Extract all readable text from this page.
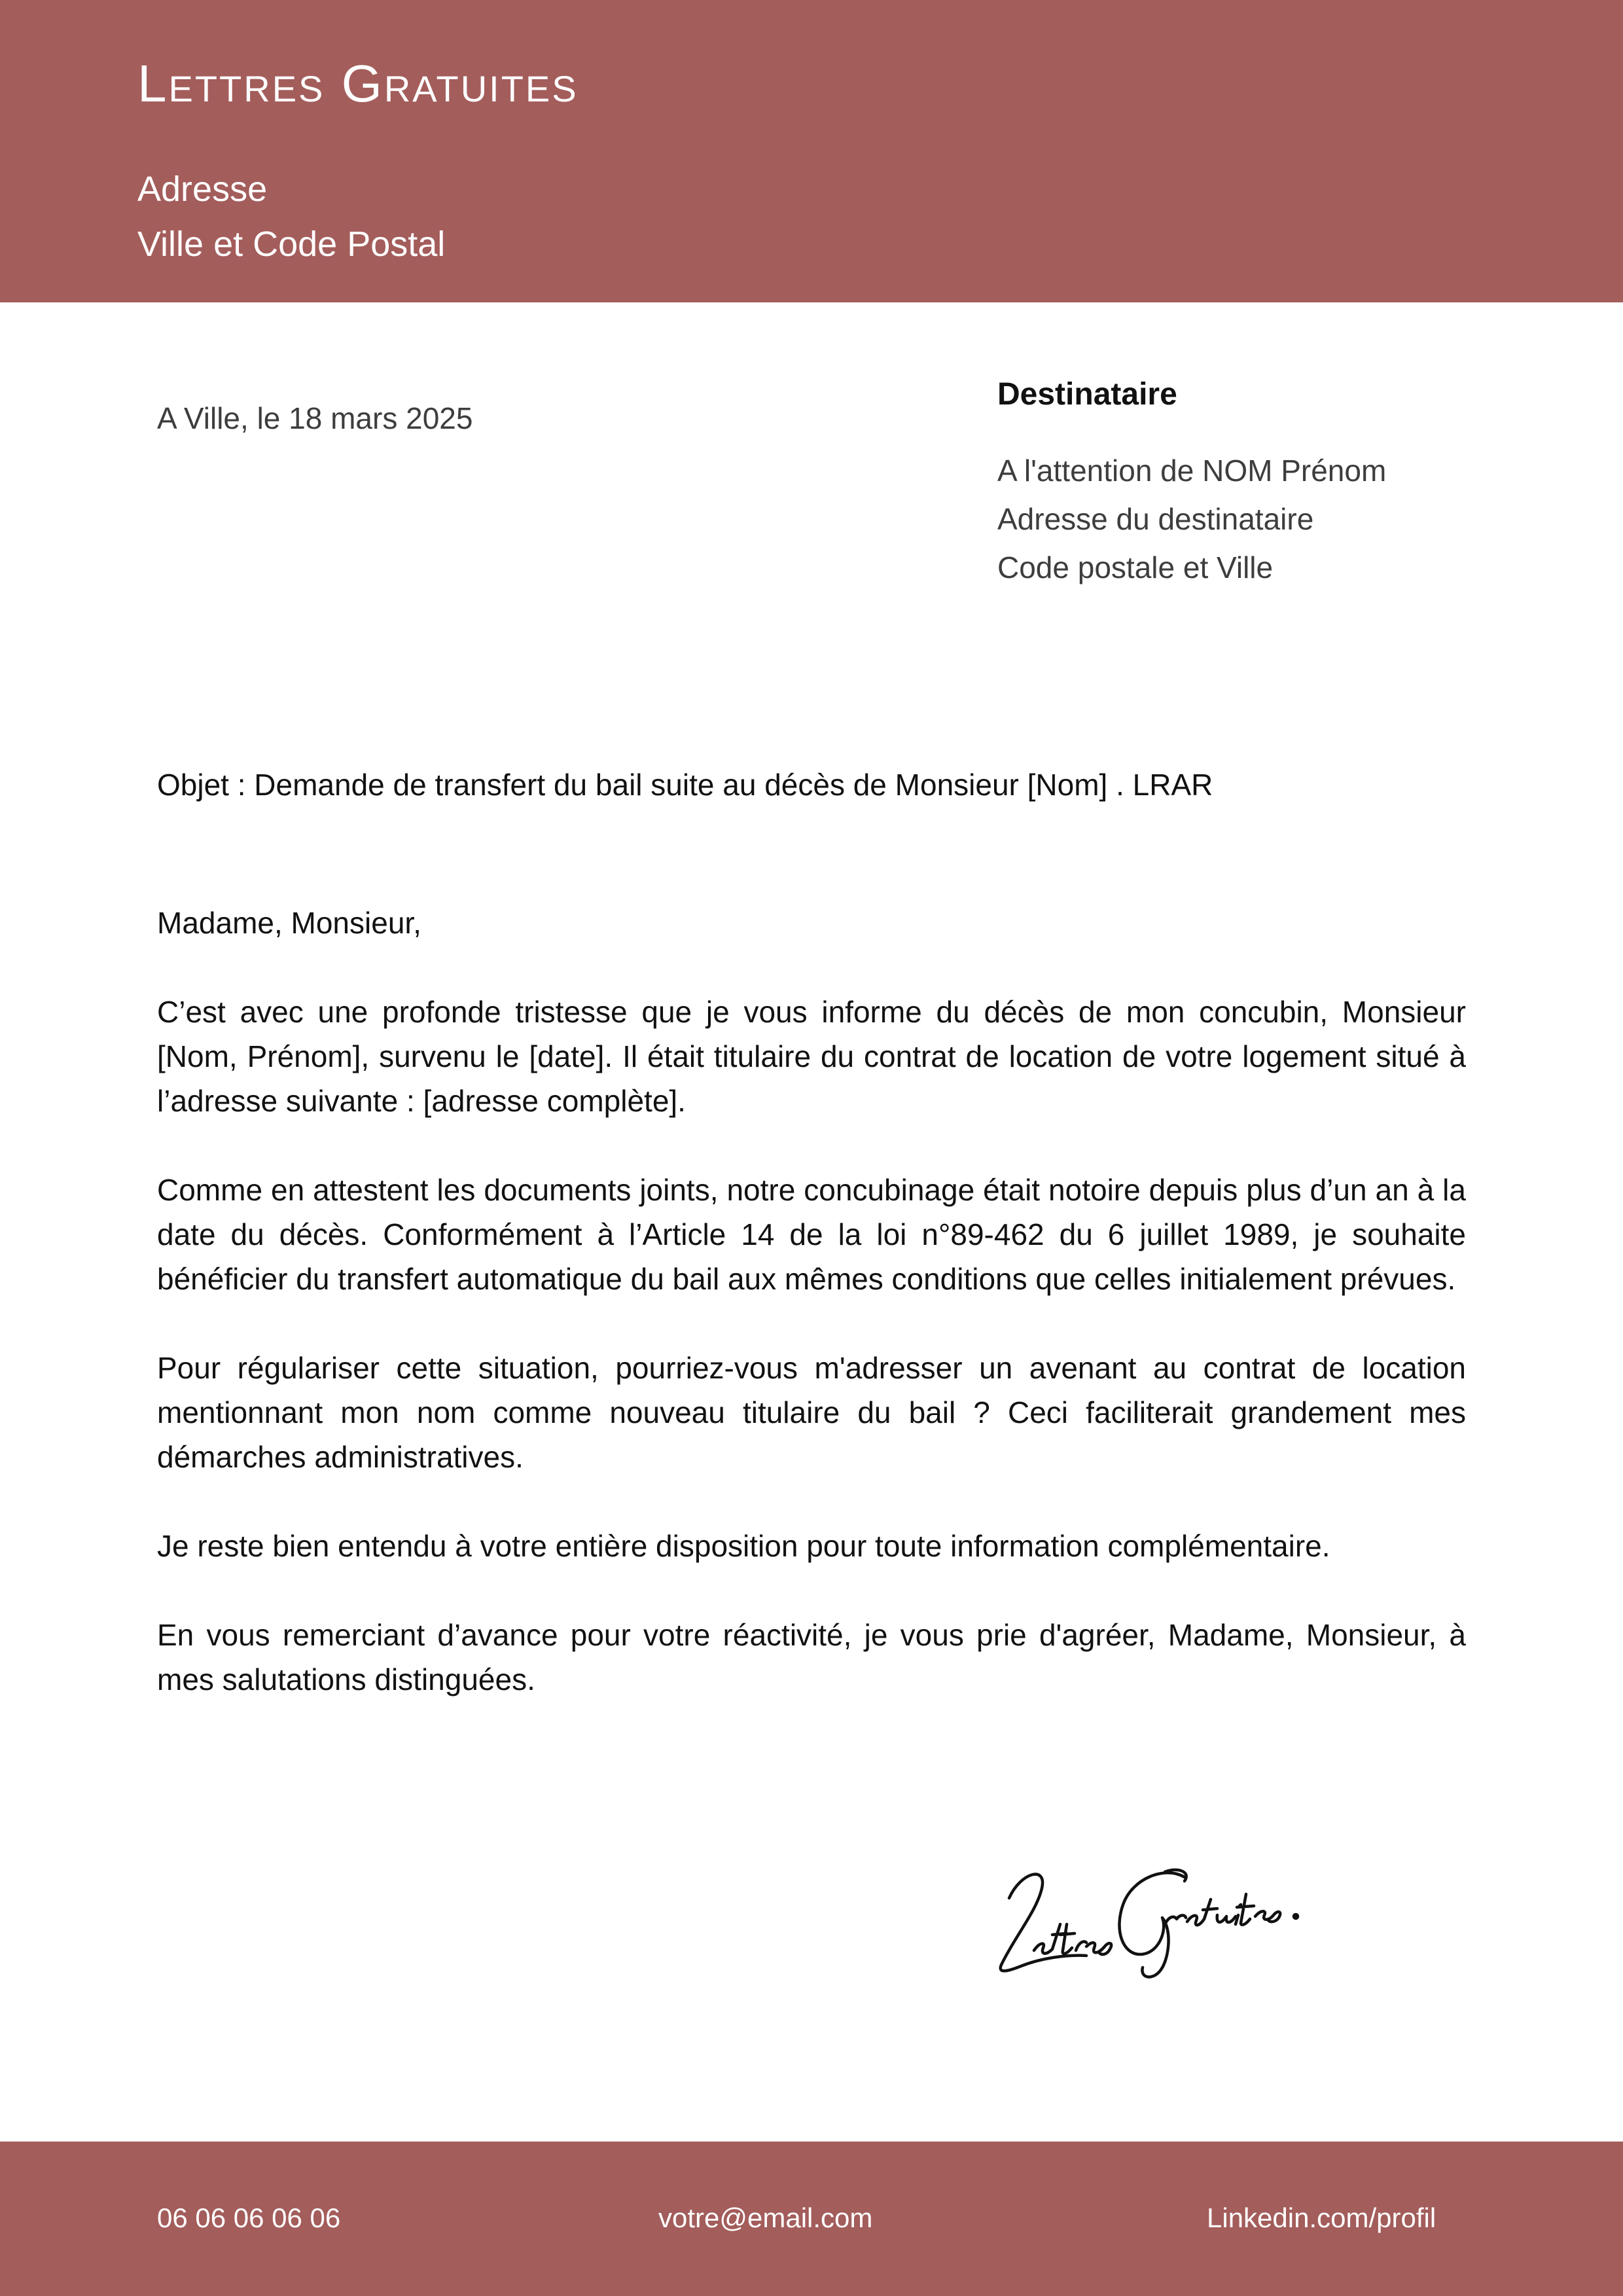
Lettres Gratuites
Adresse
Ville et Code Postal
A Ville, le 18 mars 2025
Destinataire
A l'attention de NOM Prénom
Adresse du destinataire
Code postale et Ville
Objet : Demande de transfert du bail suite au décès de Monsieur [Nom] . LRAR

Madame, Monsieur,

C’est avec une profonde tristesse que je vous informe du décès de mon concubin, Monsieur [Nom, Prénom], survenu le [date]. Il était titulaire du contrat de location de votre logement situé à l’adresse suivante : [adresse complète].

Comme en attestent les documents joints, notre concubinage était notoire depuis plus d’un an à la date du décès. Conformément à l’Article 14 de la loi n°89-462 du 6 juillet 1989, je souhaite bénéficier du transfert automatique du bail aux mêmes conditions que celles initialement prévues.

Pour régulariser cette situation, pourriez-vous m'adresser un avenant au contrat de location mentionnant mon nom comme nouveau titulaire du bail ? Ceci faciliterait grandement mes démarches administratives.

Je reste bien entendu à votre entière disposition pour toute information complémentaire.

En vous remerciant d’avance pour votre réactivité, je vous prie d'agréer, Madame, Monsieur, à mes salutations distinguées.

06 06 06 06 06	votre@email.com	Linkedin.com/profil
